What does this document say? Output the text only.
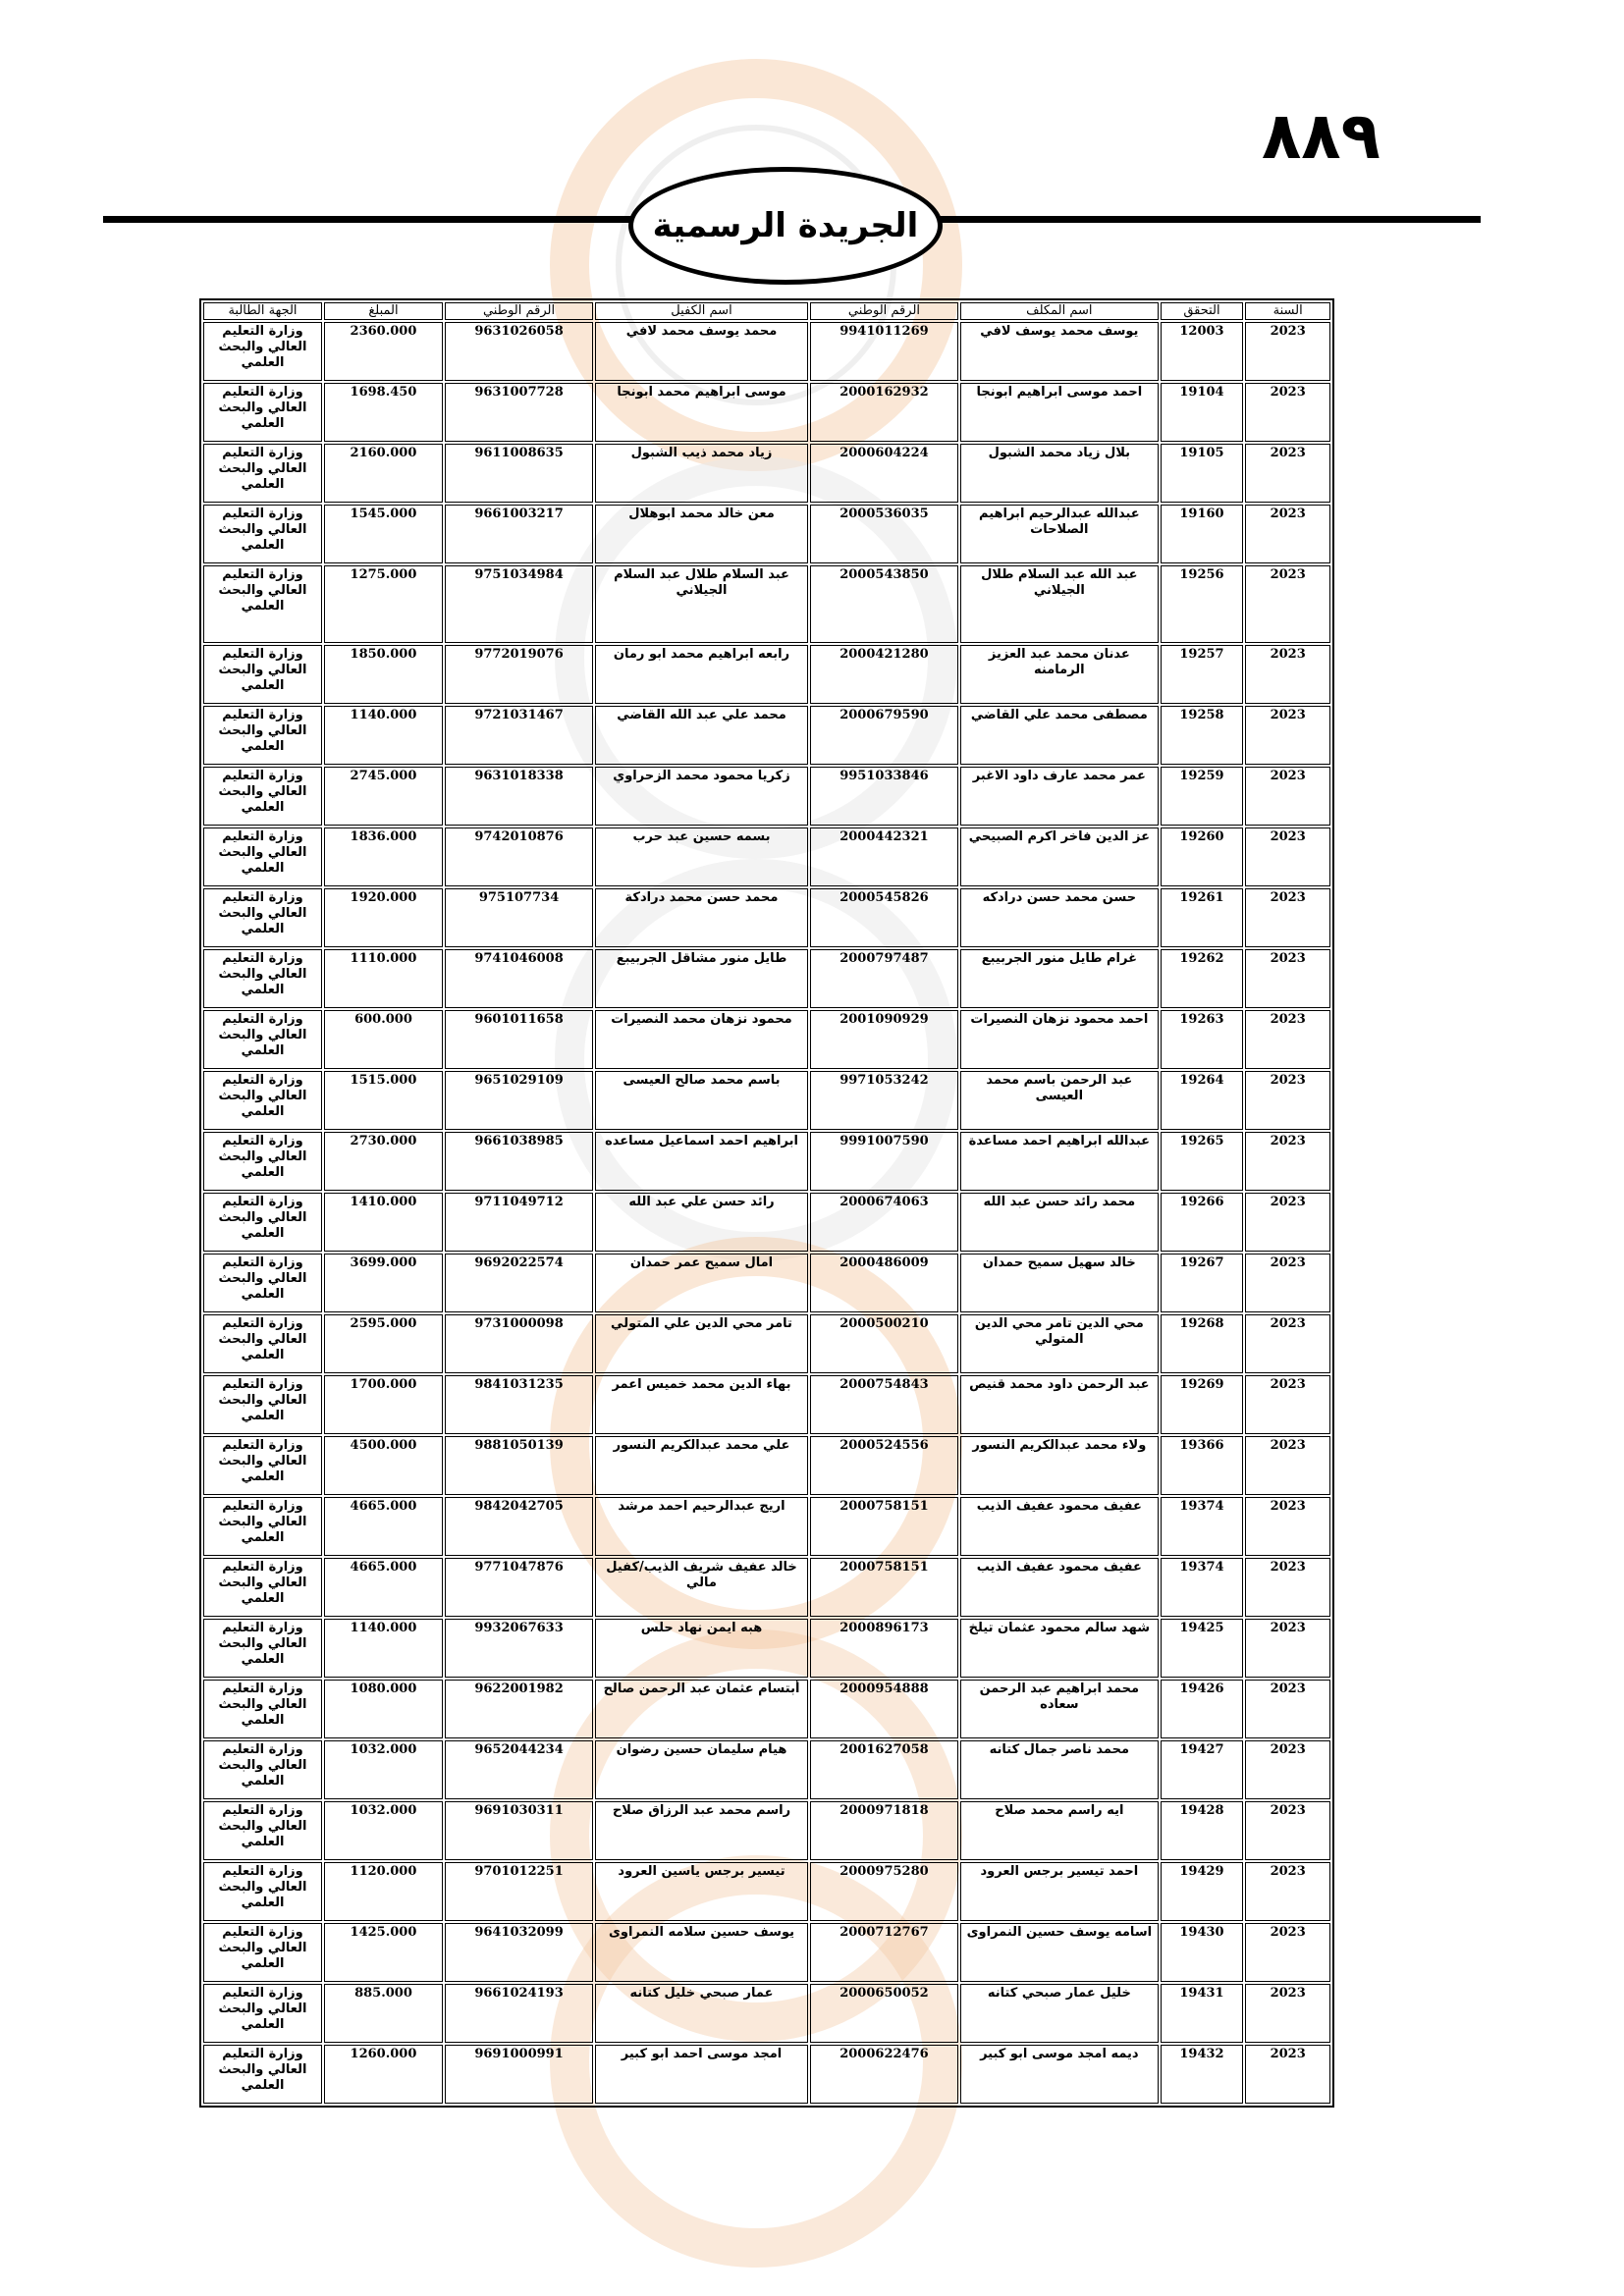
٨٨٩
الجريدة الرسمية
السنة	التحقق	اسم المكلف	الرقم الوطني	اسم الكفيل	الرقم الوطني	المبلغ	الجهة الطالبة
2023	12003	يوسف محمد يوسف لافي	9941011269	محمد يوسف محمد لافي	9631026058	2360.000	وزارة التعليم العالي والبحث العلمي
2023	19104	احمد موسى ابراهيم ابونجا	2000162932	موسى ابراهيم محمد ابونجا	9631007728	1698.450	وزارة التعليم العالي والبحث العلمي
2023	19105	بلال زياد محمد الشبول	2000604224	زياد محمد ذيب الشبول	9611008635	2160.000	وزارة التعليم العالي والبحث العلمي
2023	19160	عبدالله عبدالرحيم ابراهيم الصلاحات	2000536035	معن خالد محمد ابوهلال	9661003217	1545.000	وزارة التعليم العالي والبحث العلمي
2023	19256	عبد الله عبد السلام طلال الجيلاني	2000543850	عبد السلام طلال عبد السلام الجيلاني	9751034984	1275.000	وزارة التعليم العالي والبحث العلمي
2023	19257	عدنان محمد عبد العزيز الرمامنه	2000421280	رابعه ابراهيم محمد ابو رمان	9772019076	1850.000	وزارة التعليم العالي والبحث العلمي
2023	19258	مصطفى محمد علي القاضي	2000679590	محمد علي عبد الله القاضي	9721031467	1140.000	وزارة التعليم العالي والبحث العلمي
2023	19259	عمر محمد عارف داود الاغبر	9951033846	زكريا محمود محمد الزحراوي	9631018338	2745.000	وزارة التعليم العالي والبحث العلمي
2023	19260	عز الدين فاخر اكرم الصبيحي	2000442321	بسمه حسين عبد حرب	9742010876	1836.000	وزارة التعليم العالي والبحث العلمي
2023	19261	حسن محمد حسن درادكه	2000545826	محمد حسن محمد درادكة	975107734	1920.000	وزارة التعليم العالي والبحث العلمي
2023	19262	غرام طايل منور الجربيبع	2000797487	طايل منور مشاقل الجربيبع	9741046008	1110.000	وزارة التعليم العالي والبحث العلمي
2023	19263	احمد محمود نزهان النصيرات	2001090929	محمود نزهان محمد النصيرات	9601011658	600.000	وزارة التعليم العالي والبحث العلمي
2023	19264	عبد الرحمن باسم محمد العيسى	9971053242	باسم محمد صالح العيسى	9651029109	1515.000	وزارة التعليم العالي والبحث العلمي
2023	19265	عبدالله ابراهيم احمد مساعدة	9991007590	ابراهيم احمد اسماعيل مساعده	9661038985	2730.000	وزارة التعليم العالي والبحث العلمي
2023	19266	محمد رائد حسن عبد الله	2000674063	رائد حسن علي عبد الله	9711049712	1410.000	وزارة التعليم العالي والبحث العلمي
2023	19267	خالد سهيل سميح حمدان	2000486009	امال سميح عمر حمدان	9692022574	3699.000	وزارة التعليم العالي والبحث العلمي
2023	19268	محي الدين تامر محي الدين المتولي	2000500210	تامر محي الدين علي المتولي	9731000098	2595.000	وزارة التعليم العالي والبحث العلمي
2023	19269	عبد الرحمن داود محمد قنيص	2000754843	بهاء الدين محمد خميس اعمر	9841031235	1700.000	وزارة التعليم العالي والبحث العلمي
2023	19366	ولاء محمد عبدالكريم النسور	2000524556	علي محمد عبدالكريم النسور	9881050139	4500.000	وزارة التعليم العالي والبحث العلمي
2023	19374	عفيف محمود عفيف الذيب	2000758151	اريج عبدالرحيم احمد مرشد	9842042705	4665.000	وزارة التعليم العالي والبحث العلمي
2023	19374	عفيف محمود عفيف الذيب	2000758151	خالد عفيف شريف الذيب/كفيل مالي	9771047876	4665.000	وزارة التعليم العالي والبحث العلمي
2023	19425	شهد سالم محمود عثمان تيلخ	2000896173	هبه ايمن نهاد حلس	9932067633	1140.000	وزارة التعليم العالي والبحث العلمي
2023	19426	محمد ابراهيم عبد الرحمن سعاده	2000954888	أبتسام عثمان عبد الرحمن صالح	9622001982	1080.000	وزارة التعليم العالي والبحث العلمي
2023	19427	محمد ناصر جمال كتانه	2001627058	هيام سليمان حسين رضوان	9652044234	1032.000	وزارة التعليم العالي والبحث العلمي
2023	19428	ايه راسم محمد صلاح	2000971818	راسم محمد عبد الرزاق صلاح	9691030311	1032.000	وزارة التعليم العالي والبحث العلمي
2023	19429	احمد تيسير برجس العرود	2000975280	تيسير برجس ياسين العرود	9701012251	1120.000	وزارة التعليم العالي والبحث العلمي
2023	19430	اسامه يوسف حسين النمراوى	2000712767	يوسف حسين سلامه النمراوى	9641032099	1425.000	وزارة التعليم العالي والبحث العلمي
2023	19431	خليل عمار صبحي كتانه	2000650052	عمار صبحي خليل كتانه	9661024193	885.000	وزارة التعليم العالي والبحث العلمي
2023	19432	ديمه امجد موسى ابو كبير	2000622476	امجد موسى احمد ابو كبير	9691000991	1260.000	وزارة التعليم العالي والبحث العلمي
